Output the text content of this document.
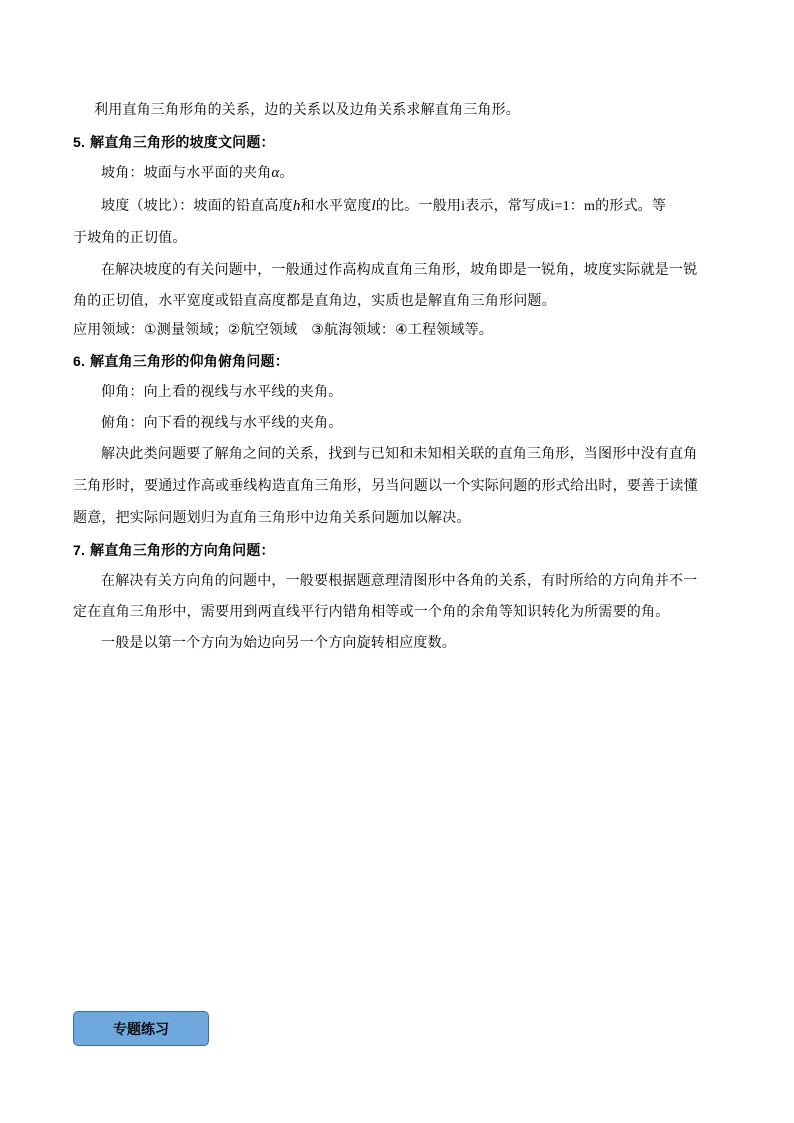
利用直角三角形角的关系，边的关系以及边角关系求解直角三角形。
5. 解直角三角形的坡度文问题：
坡角：坡面与水平面的夹角α。
坡度（坡比）：坡面的铅直高度h和水平宽度l的比。一般用i表示，常写成i=1：m的形式。等
于坡角的正切值。
在解决坡度的有关问题中，一般通过作高构成直角三角形，坡角即是一锐角，坡度实际就是一锐
角的正切值，水平宽度或铅直高度都是直角边，实质也是解直角三角形问题。
应用领域：①测量领域；②航空领域 ③航海领域：④工程领域等。
6. 解直角三角形的仰角俯角问题：
仰角：向上看的视线与水平线的夹角。
俯角：向下看的视线与水平线的夹角。
解决此类问题要了解角之间的关系，找到与已知和未知相关联的直角三角形，当图形中没有直角
三角形时，要通过作高或垂线构造直角三角形，另当问题以一个实际问题的形式给出时，要善于读懂
题意，把实际问题划归为直角三角形中边角关系问题加以解决。
7. 解直角三角形的方向角问题：
在解决有关方向角的问题中，一般要根据题意理清图形中各角的关系，有时所给的方向角并不一
定在直角三角形中，需要用到两直线平行内错角相等或一个角的余角等知识转化为所需要的角。
一般是以第一个方向为始边向另一个方向旋转相应度数。
专题练习
